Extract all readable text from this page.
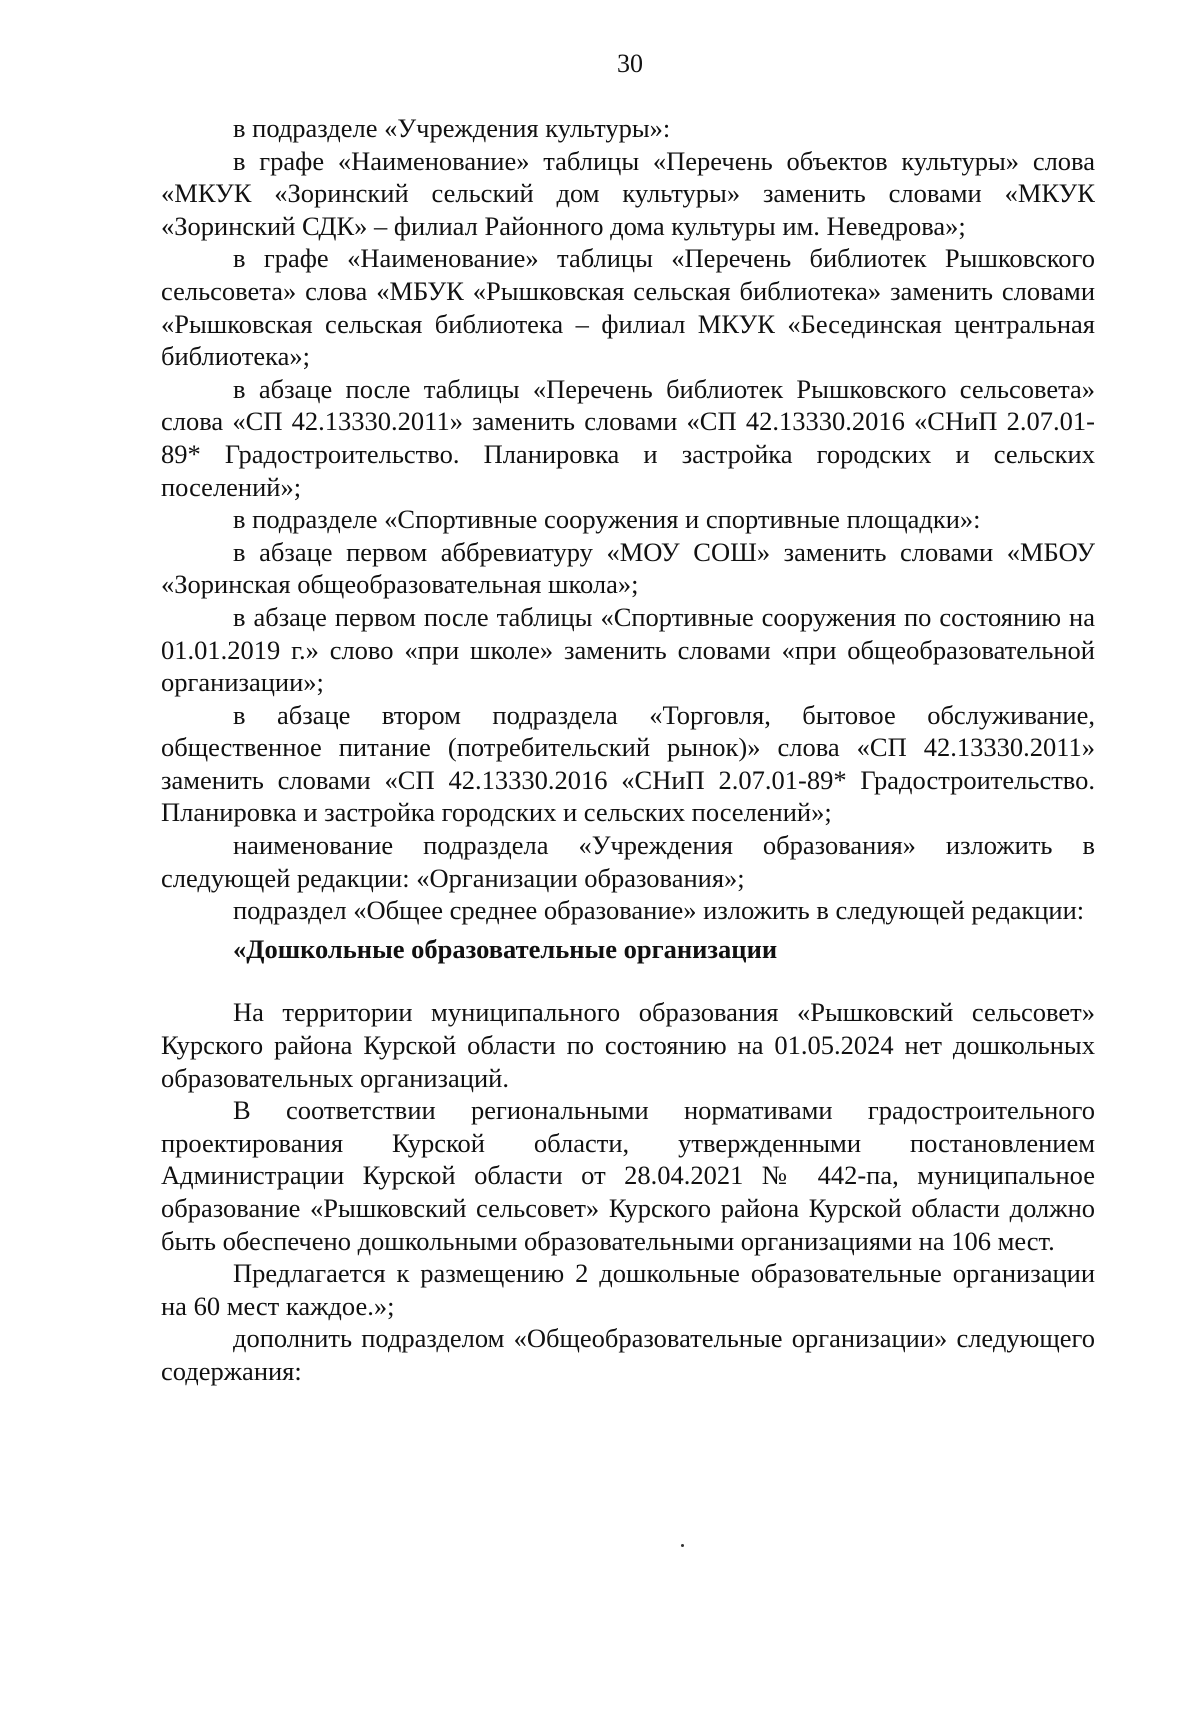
30

в подразделе «Учреждения культуры»:

в графе «Наименование» таблицы «Перечень объектов культуры» слова «МКУК «Зоринский сельский дом культуры» заменить словами «МКУК «Зоринский СДК» – филиал Районного дома культуры им. Неведрова»;

в графе «Наименование» таблицы «Перечень библиотек Рышковского сельсовета» слова «МБУК «Рышковская сельская библиотека» заменить словами «Рышковская сельская библиотека – филиал МКУК «Бесединская центральная библиотека»;

в абзаце после таблицы «Перечень библиотек Рышковского сельсовета» слова «СП 42.13330.2011» заменить словами «СП 42.13330.2016 «СНиП 2.07.01-89* Градостроительство. Планировка и застройка городских и сельских поселений»;

в подразделе «Спортивные сооружения и спортивные площадки»:

в абзаце первом аббревиатуру «МОУ СОШ» заменить словами «МБОУ «Зоринская общеобразовательная школа»;

в абзаце первом после таблицы «Спортивные сооружения по состоянию на 01.01.2019 г.» слово «при школе» заменить словами «при общеобразовательной организации»;

в абзаце втором подраздела «Торговля, бытовое обслуживание, общественное питание (потребительский рынок)» слова «СП 42.13330.2011» заменить словами «СП 42.13330.2016 «СНиП 2.07.01-89* Градостроительство. Планировка и застройка городских и сельских поселений»;

наименование подраздела «Учреждения образования» изложить в следующей редакции: «Организации образования»;

подраздел «Общее среднее образование» изложить в следующей редакции:

«Дошкольные образовательные организации

На территории муниципального образования «Рышковский сельсовет» Курского района Курской области по состоянию на 01.05.2024 нет дошкольных образовательных организаций.

В соответствии региональными нормативами градостроительного проектирования Курской области, утвержденными постановлением Администрации Курской области от 28.04.2021 № 442-па, муниципальное образование «Рышковский сельсовет» Курского района Курской области должно быть обеспечено дошкольными образовательными организациями на 106 мест.

Предлагается к размещению 2 дошкольные образовательные организации на 60 мест каждое.»;

дополнить подразделом «Общеобразовательные организации» следующего содержания:
